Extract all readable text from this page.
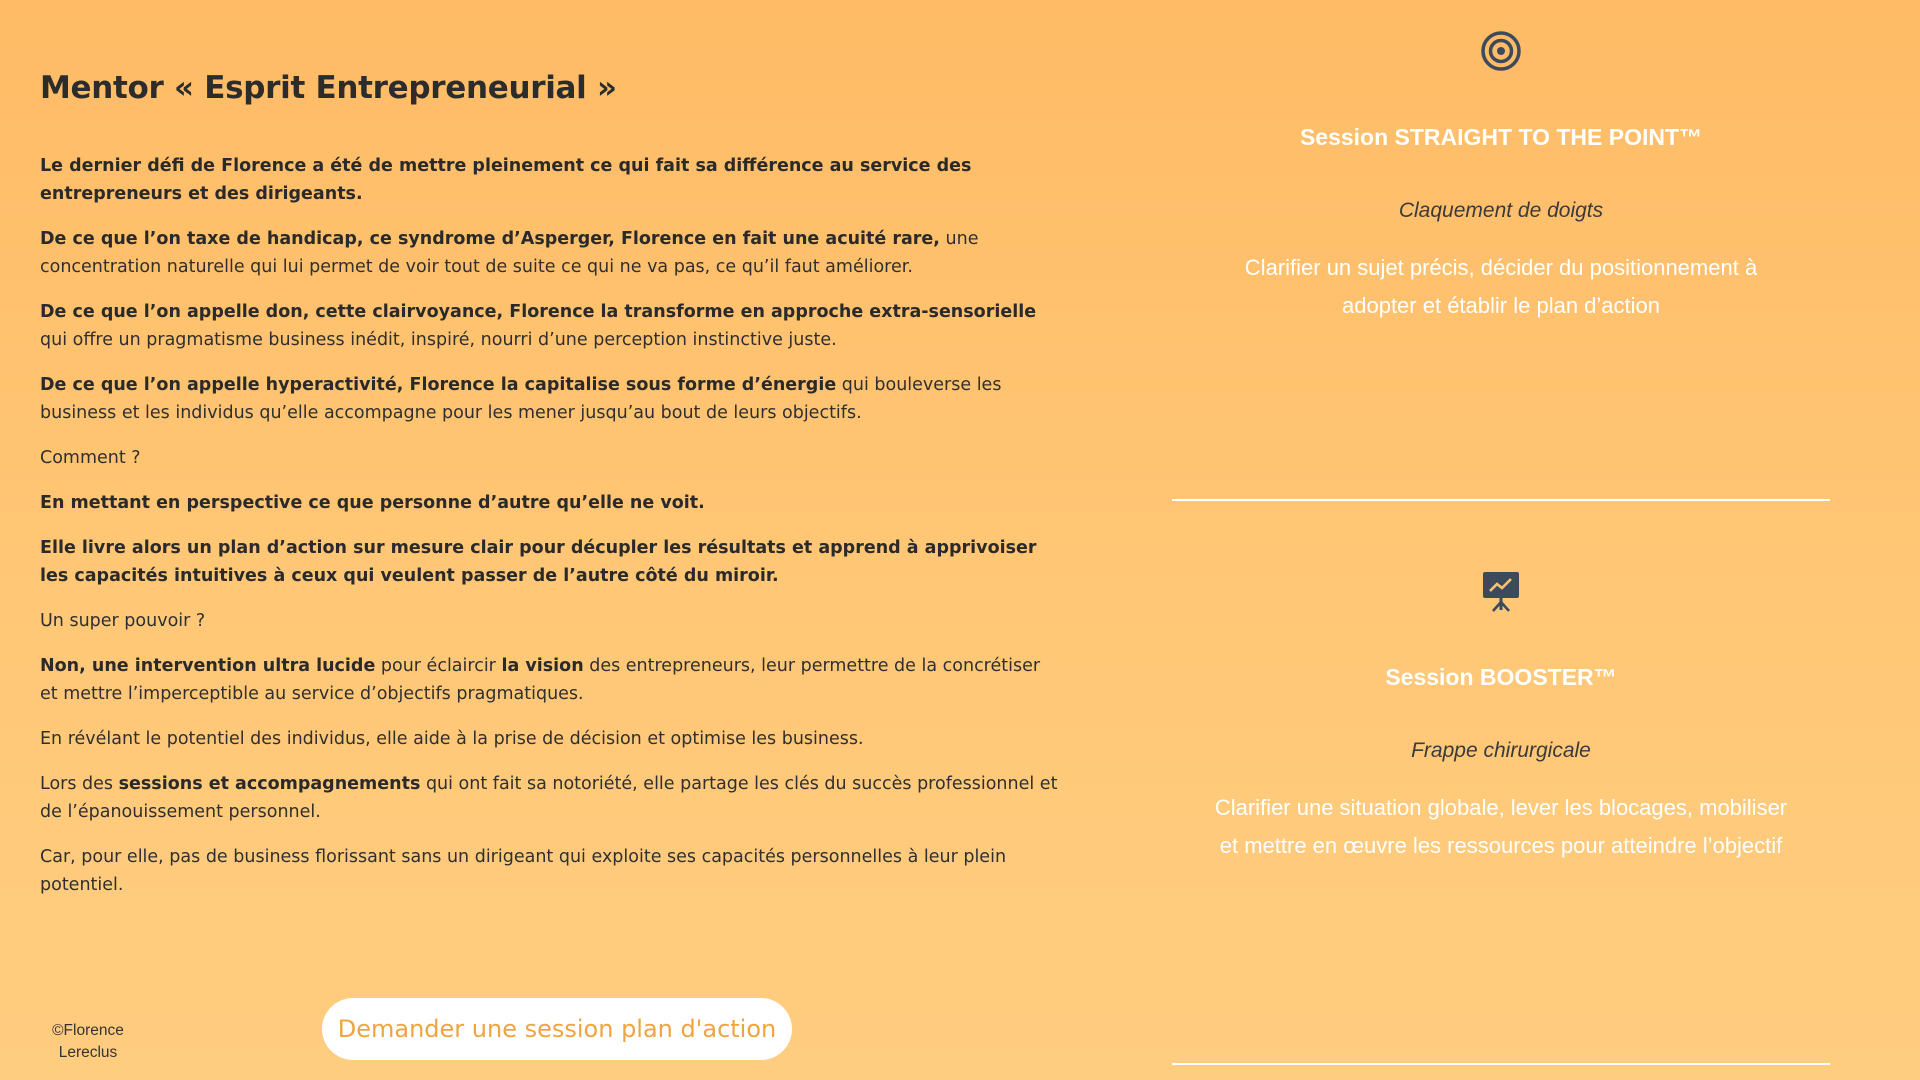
Mentor « Esprit Entrepreneurial »

Le dernier défi de Florence a été de mettre pleinement ce qui fait sa différence au service des entrepreneurs et des dirigeants.

De ce que l’on taxe de handicap, ce syndrome d’Asperger, Florence en fait une acuité rare, une concentration naturelle qui lui permet de voir tout de suite ce qui ne va pas, ce qu’il faut améliorer.

De ce que l’on appelle don, cette clairvoyance, Florence la transforme en approche extra-sensorielle qui offre un pragmatisme business inédit, inspiré, nourri d’une perception instinctive juste.

De ce que l’on appelle hyperactivité, Florence la capitalise sous forme d’énergie qui bouleverse les business et les individus qu’elle accompagne pour les mener jusqu’au bout de leurs objectifs.

Comment ?

En mettant en perspective ce que personne d’autre qu’elle ne voit.

Elle livre alors un plan d’action sur mesure clair pour décupler les résultats et apprend à apprivoiser les capacités intuitives à ceux qui veulent passer de l’autre côté du miroir.

Un super pouvoir ?

Non, une intervention ultra lucide pour éclaircir la vision des entrepreneurs, leur permettre de la concrétiser et mettre l’imperceptible au service d’objectifs pragmatiques.

En révélant le potentiel des individus, elle aide à la prise de décision et optimise les business.

Lors des sessions et accompagnements qui ont fait sa notoriété, elle partage les clés du succès professionnel et de l’épanouissement personnel.

Car, pour elle, pas de business florissant sans un dirigeant qui exploite ses capacités personnelles à leur plein potentiel.

Demander une session plan d'action
©Florence
Lereclus

Session STRAIGHT TO THE POINT™

Claquement de doigts

Clarifier un sujet précis, décider du positionnement à
adopter et établir le plan d’action

Session BOOSTER™

Frappe chirurgicale

Clarifier une situation globale, lever les blocages, mobiliser
et mettre en œuvre les ressources pour atteindre l’objectif
